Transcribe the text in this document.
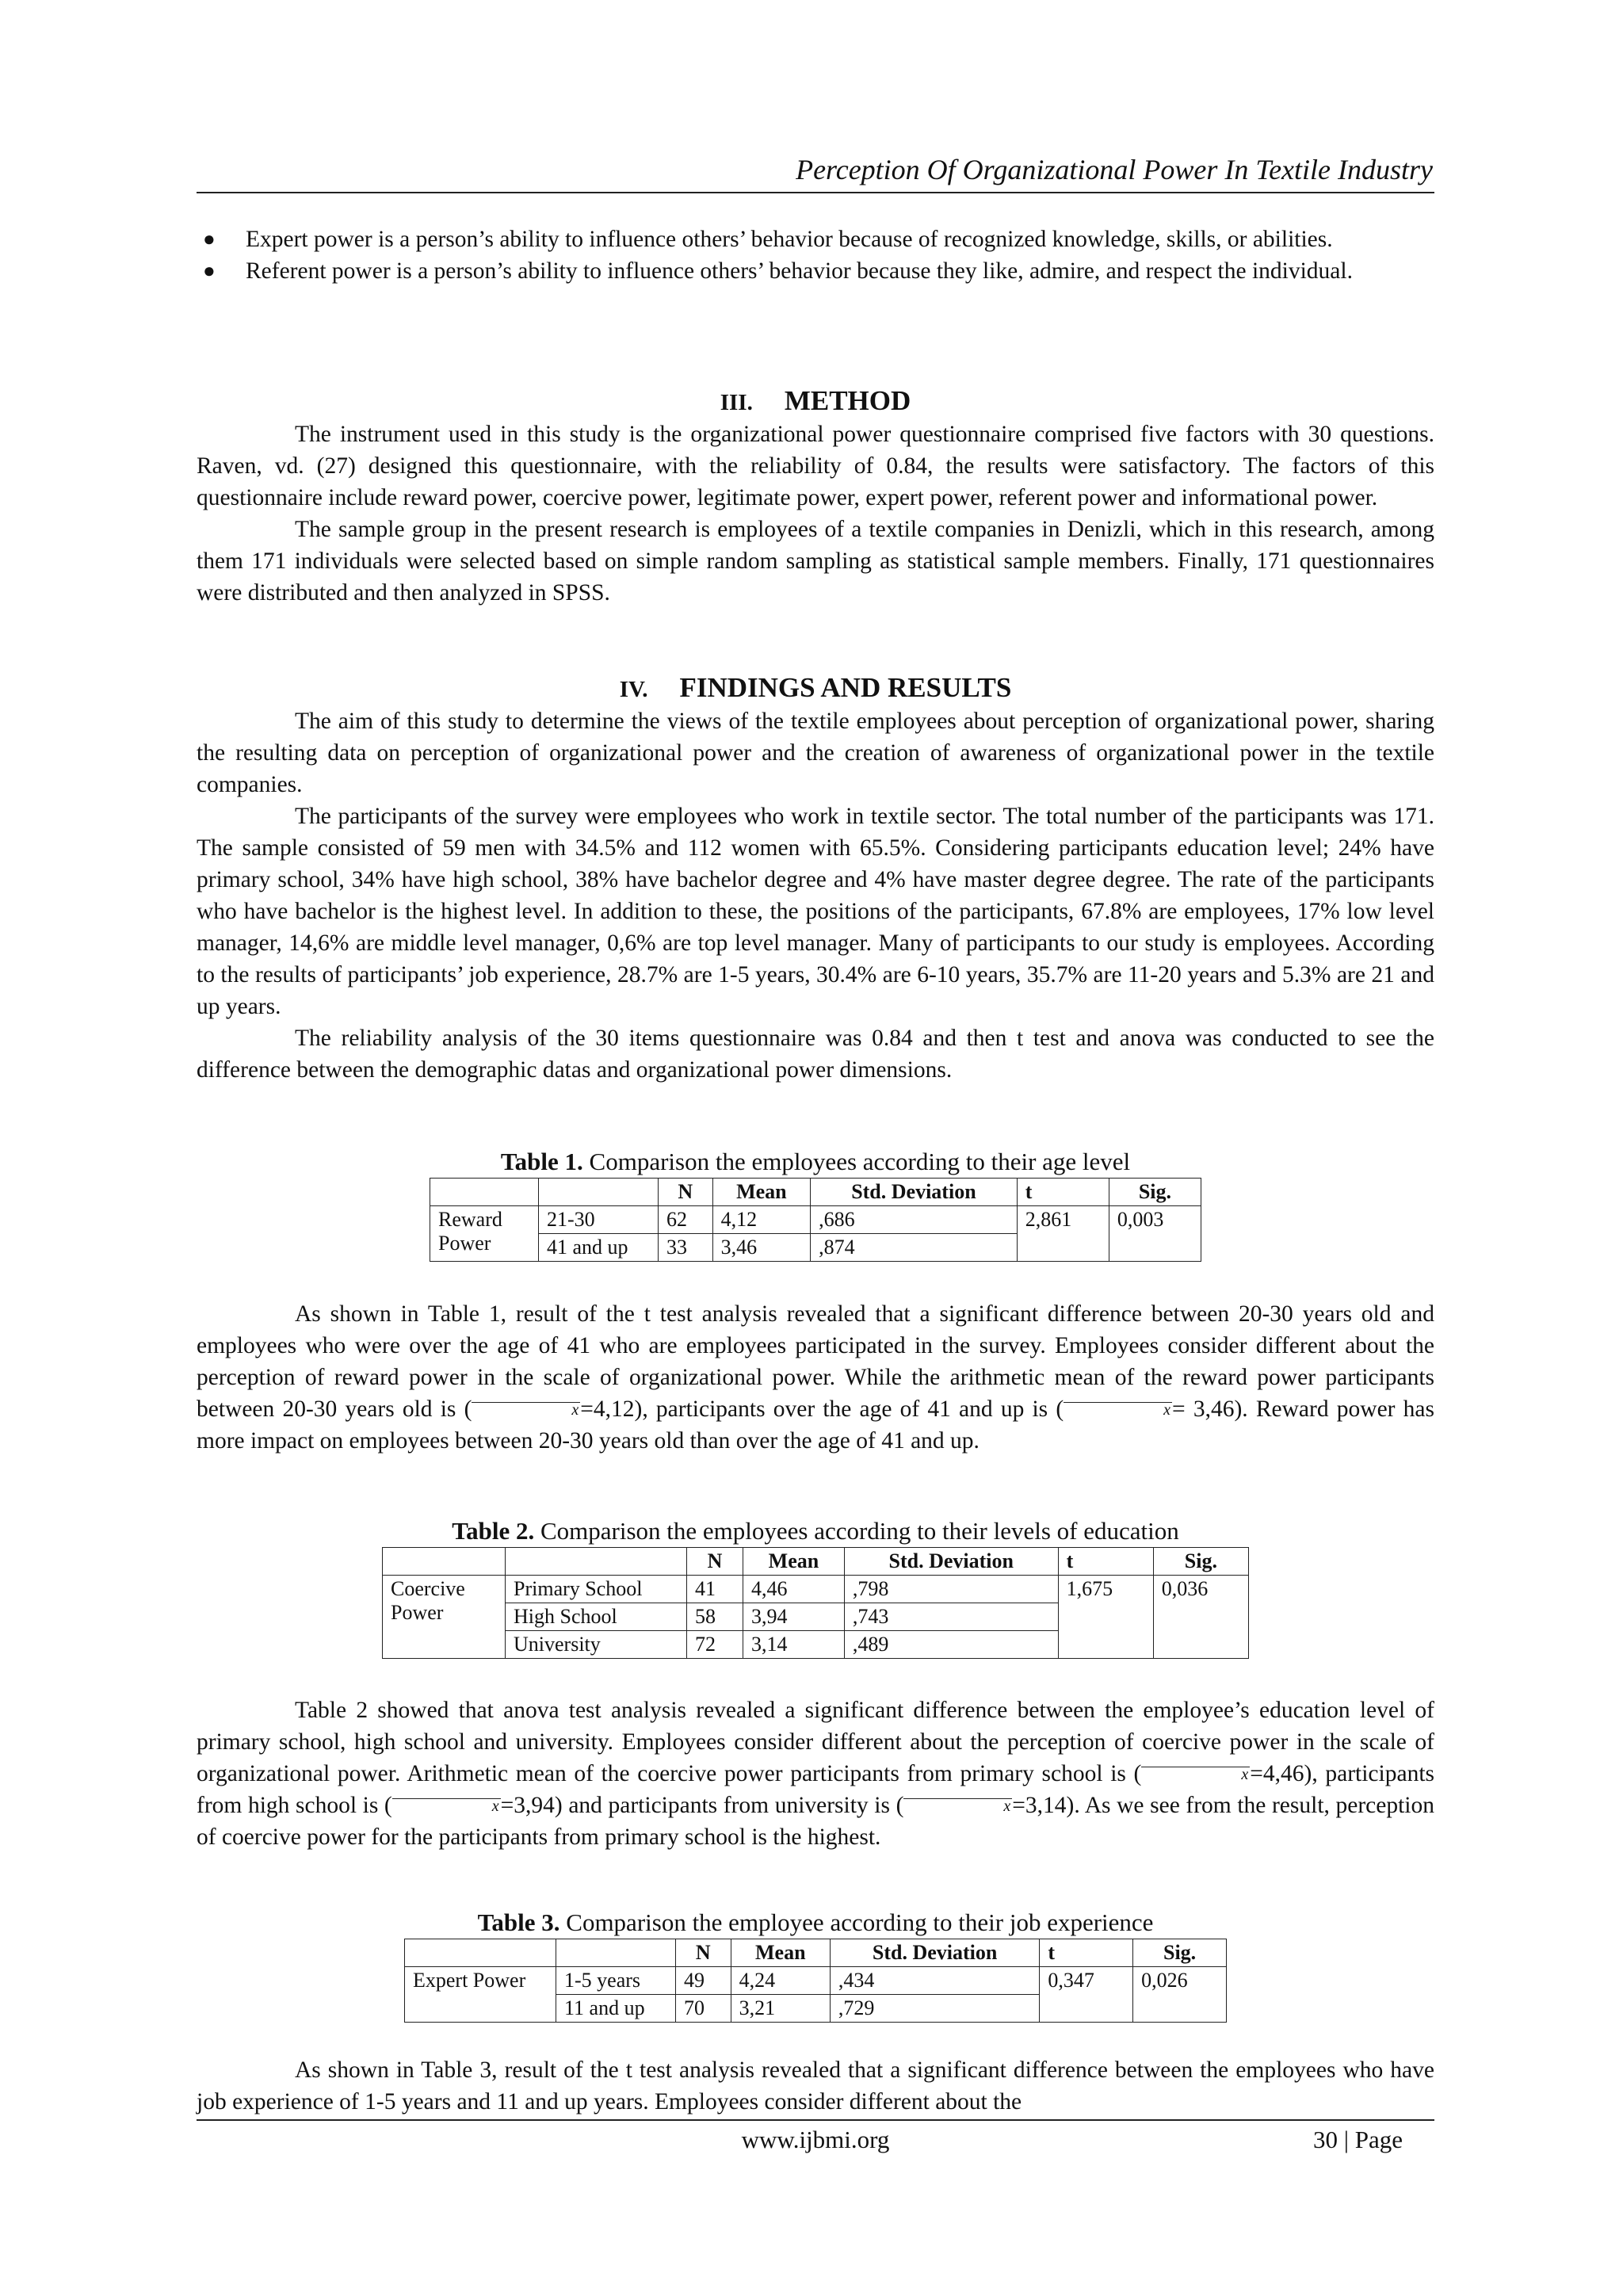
Perception Of Organizational Power In Textile Industry
● Expert power is a person’s ability to influence others’ behavior because of recognized knowledge, skills, or abilities.
● Referent power is a person’s ability to influence others’ behavior because they like, admire, and respect the individual.
III. METHOD

The instrument used in this study is the organizational power questionnaire comprised five factors with 30 questions. Raven, vd. (27) designed this questionnaire, with the reliability of 0.84, the results were satisfactory. The factors of this questionnaire include reward power, coercive power, legitimate power, expert power, referent power and informational power.

The sample group in the present research is employees of a textile companies in Denizli, which in this research, among them 171 individuals were selected based on simple random sampling as statistical sample members. Finally, 171 questionnaires were distributed and then analyzed in SPSS.

IV. FINDINGS AND RESULTS

The aim of this study to determine the views of the textile employees about perception of organizational power, sharing the resulting data on perception of organizational power and the creation of awareness of organizational power in the textile companies.

The participants of the survey were employees who work in textile sector. The total number of the participants was 171. The sample consisted of 59 men with 34.5% and 112 women with 65.5%. Considering participants education level; 24% have primary school, 34% have high school, 38% have bachelor degree and 4% have master degree degree. The rate of the participants who have bachelor is the highest level. In addition to these, the positions of the participants, 67.8% are employees, 17% low level manager, 14,6% are middle level manager, 0,6% are top level manager. Many of participants to our study is employees. According to the results of participants’ job experience, 28.7% are 1-5 years, 30.4% are 6-10 years, 35.7% are 11-20 years and 5.3% are 21 and up years.

The reliability analysis of the 30 items questionnaire was 0.84 and then t test and anova was conducted to see the difference between the demographic datas and organizational power dimensions.

Table 1. Comparison the employees according to their age level
		N	Mean	Std. Deviation	t	Sig.
Reward Power	21-30	62	4,12	,686	2,861	0,003
	41 and up	33	3,46	,874		

As shown in Table 1, result of the t test analysis revealed that a significant difference between 20-30 years old and employees who were over the age of 41 who are employees participated in the survey. Employees consider different about the perception of reward power in the scale of organizational power. While the arithmetic mean of the reward power participants between 20-30 years old is (	x=4,12), participants over the age of 41 and up is (	x= 3,46). Reward power has more impact on employees between 20-30 years old than over the age of 41 and up.

Table 2. Comparison the employees according to their levels of education
		N	Mean	Std. Deviation	t	Sig.
Coercive Power	Primary School	41	4,46	,798	1,675	0,036
	High School	58	3,94	,743		
	University	72	3,14	,489		

Table 2 showed that anova test analysis revealed a significant difference between the employee’s education level of primary school, high school and university. Employees consider different about the perception of coercive power in the scale of organizational power. Arithmetic mean of the coercive power participants from primary school is (	x=4,46), participants from high school is (	x=3,94) and participants from university is (	x=3,14). As we see from the result, perception of coercive power for the participants from primary school is the highest.

Table 3. Comparison the employee according to their job experience
		N	Mean	Std. Deviation	t	Sig.
Expert Power	1-5 years	49	4,24	,434	0,347	0,026
	11 and up	70	3,21	,729		

As shown in Table 3, result of the t test analysis revealed that a significant difference between the employees who have job experience of 1-5 years and 11 and up years. Employees consider different about the

www.ijbmi.org	30 | Page
